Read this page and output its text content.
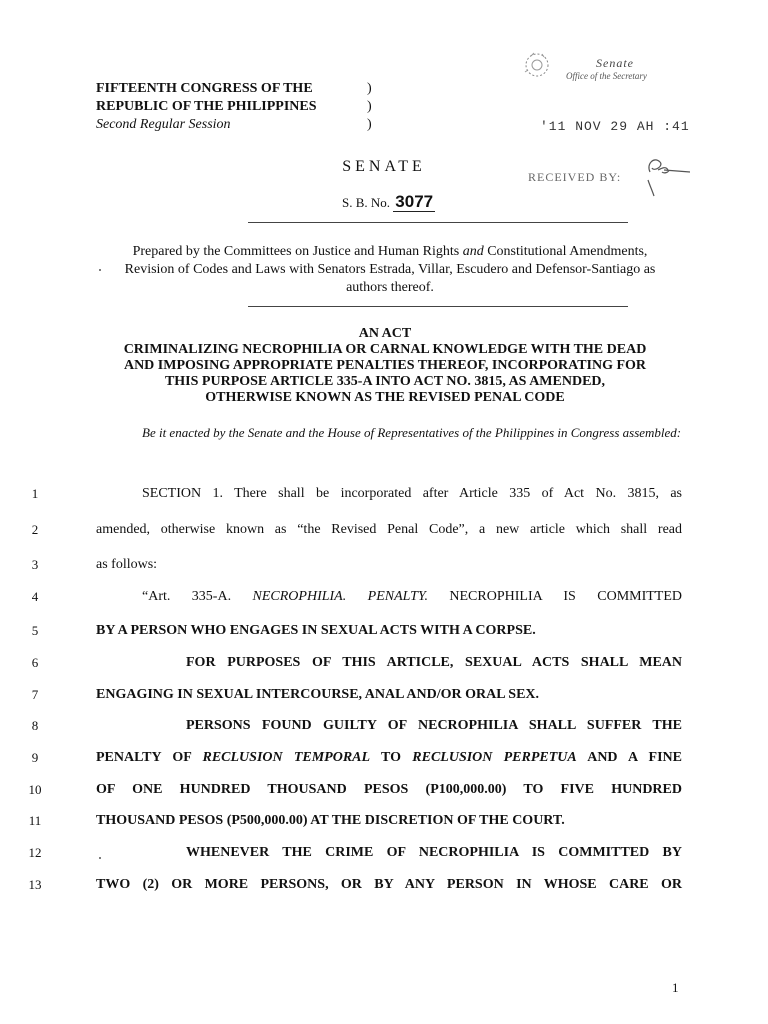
FIFTEENTH CONGRESS OF THE
REPUBLIC OF THE PHILIPPINES
Second Regular Session
)
)
)
Senate
Office of the Secretary
'11 NOV 29 AH :41
RECEIVED BY:
SENATE
S. B. No. 3077
Prepared by the Committees on Justice and Human Rights and Constitutional Amendments, Revision of Codes and Laws with Senators Estrada, Villar, Escudero and Defensor-Santiago as authors thereof.
AN ACT
CRIMINALIZING NECROPHILIA OR CARNAL KNOWLEDGE WITH THE DEAD
AND IMPOSING APPROPRIATE PENALTIES THEREOF, INCORPORATING FOR
THIS PURPOSE ARTICLE 335-A INTO ACT NO. 3815, AS AMENDED,
OTHERWISE KNOWN AS THE REVISED PENAL CODE
Be it enacted by the Senate and the House of Representatives of the Philippines in Congress assembled:
1	SECTION 1. There shall be incorporated after Article 335 of Act No. 3815, as
2	amended, otherwise known as “the Revised Penal Code”, a new article which shall read
3	as follows:
4	“Art. 335-A. NECROPHILIA. PENALTY. NECROPHILIA IS COMMITTED
5	BY A PERSON WHO ENGAGES IN SEXUAL ACTS WITH A CORPSE.
6	FOR PURPOSES OF THIS ARTICLE, SEXUAL ACTS SHALL MEAN
7	ENGAGING IN SEXUAL INTERCOURSE, ANAL AND/OR ORAL SEX.
8	PERSONS FOUND GUILTY OF NECROPHILIA SHALL SUFFER THE
9	PENALTY OF RECLUSION TEMPORAL TO RECLUSION PERPETUA AND A FINE
10	OF ONE HUNDRED THOUSAND PESOS (P100,000.00) TO FIVE HUNDRED
11	THOUSAND PESOS (P500,000.00) AT THE DISCRETION OF THE COURT.
12	WHENEVER THE CRIME OF NECROPHILIA IS COMMITTED BY
13	TWO (2) OR MORE PERSONS, OR BY ANY PERSON IN WHOSE CARE OR
1
